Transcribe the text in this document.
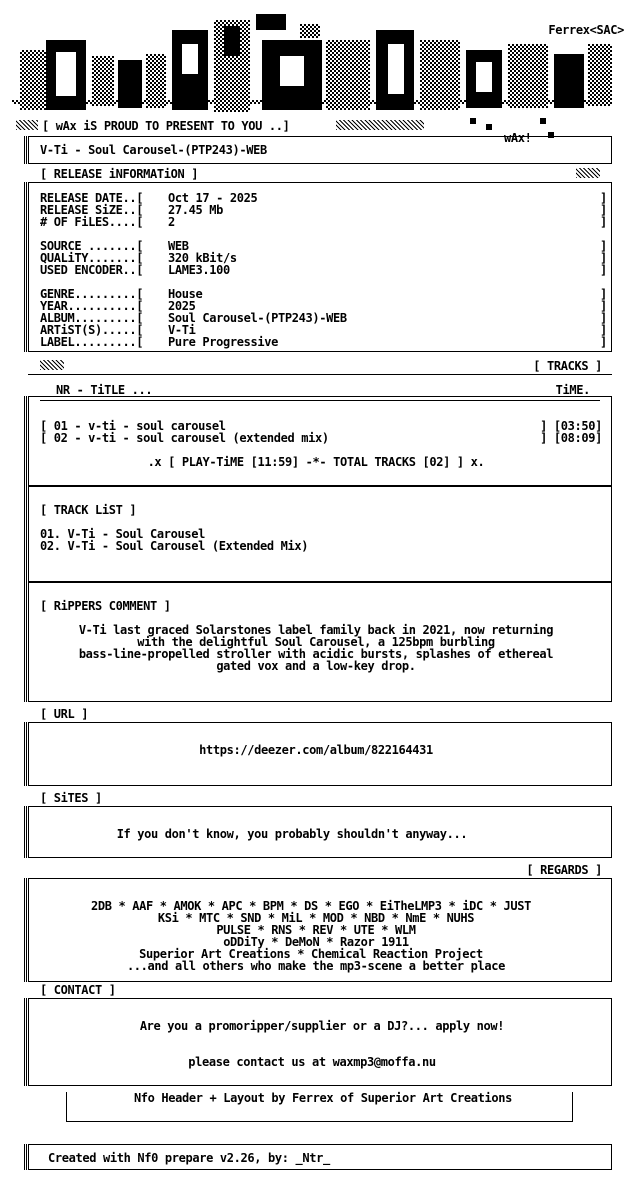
Ferrex<SAC>
[ wAx iS PROUD TO PRESENT TO YOU ..]
wAx!
V-Ti - Soul Carousel-(PTP243)-WEB
[ RELEASE iNFORMATiON ]
RELEASE DATE..[ Oct 17 - 2025	]
RELEASE SiZE..[ 27.45 Mb	]
# OF FiLES....[ 2	]
SOURCE .......[ WEB	]
QUALiTY.......[ 320 kBit/s	]
USED ENCODER..[ LAME3.100	]
GENRE.........[ House	]
YEAR..........[ 2025	]
ALBUM.........[ Soul Carousel-(PTP243)-WEB	]
ARTiST(S).....[ V-Ti	]
LABEL.........[ Pure Progressive	]
[ TRACKS ]
NR - TiTLE ...	TiME.
[ 01 - v-ti - soul carousel	] [03:50]
[ 02 - v-ti - soul carousel (extended mix)	] [08:09]
.x [ PLAY-TiME [11:59] -*- TOTAL TRACKS [02] ] x.
[ TRACK LiST ]
01. V-Ti - Soul Carousel
02. V-Ti - Soul Carousel (Extended Mix)
[ RiPPERS C0MMENT ]
V-Ti last graced Solarstones label family back in 2021, now returning
with the delightful Soul Carousel, a 125bpm burbling
bass-line-propelled stroller with acidic bursts, splashes of ethereal
gated vox and a low-key drop.
[ URL ]
https://deezer.com/album/822164431
[ SiTES ]
If you don't know, you probably shouldn't anyway...
[ REGARDS ]
2DB * AAF * AMOK * APC * BPM * DS * EGO * EiTheLMP3 * iDC * JUST
KSi * MTC * SND * MiL * MOD * NBD * NmE * NUHS
PULSE * RNS * REV * UTE * WLM
oDDiTy * DeMoN * Razor 1911
Superior Art Creations * Chemical Reaction Project
...and all others who make the mp3-scene a better place
[ CONTACT ]
Are you a promoripper/supplier or a DJ?... apply now!
please contact us at waxmp3@moffa.nu
Nfo Header + Layout by Ferrex of Superior Art Creations
Created with Nf0 prepare v2.26, by: _Ntr_
